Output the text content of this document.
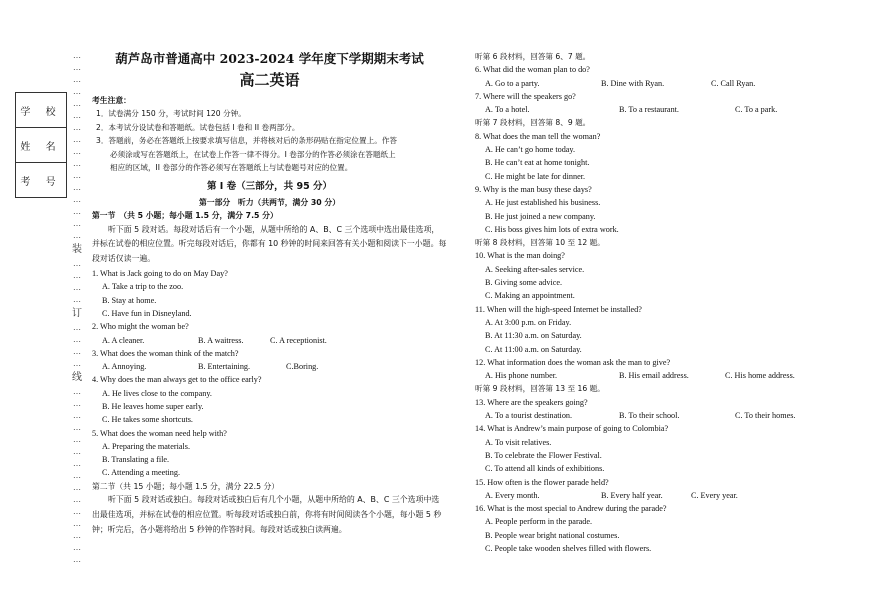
…
…
…
…
…
…
…
…
…
…
…
…
…
…
…
…
装
…
…
…
…
订
…
…
…
…
线
…
…
…
…
…
…
…
…
…
…
…
…
…
…
…
学 校
姓 名
考 号

葫芦岛市普通高中 2023-2024 学年度下学期期末考试

高二英语

考生注意：

1．试卷满分 150 分，考试时间 120 分钟。

2．本考试分设试卷和答题纸。试卷包括 I 卷和 II 卷两部分。

3．答题前，务必在答题纸上按要求填写信息，并将核对后的条形码贴在指定位置上。作答

必须涂或写在答题纸上，在试卷上作答一律不得分。I 卷部分的作答必须涂在答题纸上

相应的区域，II 卷部分的作答必须写在答题纸上与试卷题号对应的位置。

第 I 卷（三部分，共 95 分）
第一部分　听力（共两节，满分 30 分）
第一节　（共 5 小题；每小题 1.5 分，满分 7.5 分）

听下面 5 段对话。每段对话后有一个小题，从题中所给的 A、B、C 三个选项中选出最佳选项，并标在试卷的相应位置。听完每段对话后，你都有 10 秒钟的时间来回答有关小题和阅读下一小题。每段对话仅读一遍。

1. What is Jack going to do on May Day?

A. Take a trip to the zoo.

B. Stay at home.

C. Have fun in Disneyland.

2. Who might the woman be?

A. A cleaner.	B. A waitress.	C. A receptionist.

3. What does the woman think of the match?

A. Annoying.	B. Entertaining.	C.Boring.

4. Why does the man always get to the office early?

A. He lives close to the company.

B. He leaves home super early.

C. He takes some shortcuts.

5. What does the woman need help with?

A. Preparing the materials.

B. Translating a file.

C. Attending a meeting.

第二节（共 15 小题；每小题 1.5 分，满分 22.5 分）

听下面 5 段对话或独白。每段对话或独白后有几个小题，从题中所给的 A、B、C 三个选项中选出最佳选项，并标在试卷的相应位置。听每段对话或独白前，你将有时间阅读各个小题，每小题 5 秒钟；听完后，各小题将给出 5 秒钟的作答时间。每段对话或独白读两遍。

听第 6 段材料，回答第 6、7 题。

6. What did the woman plan to do?

A. Go to a party.	B. Dine with Ryan.	C. Call Ryan.

7. Where will the speakers go?

A. To a hotel.	B. To a restaurant.	C. To a park.

听第 7 段材料，回答第 8、9 题。

8. What does the man tell the woman?

A. He can’t go home today.

B. He can’t eat at home tonight.

C. He might be late for dinner.

9. Why is the man busy these days?

A. He just established his business.

B. He just joined a new company.

C. His boss gives him lots of extra work.

听第 8 段材料，回答第 10 至 12 题。

10. What is the man doing?

A. Seeking after-sales service.

B. Giving some advice.

C. Making an appointment.

11. When will the high-speed Internet be installed?

A. At 3:00 p.m. on Friday.

B. At 11:30 a.m. on Saturday.

C. At 11:00 a.m. on Saturday.

12. What information does the woman ask the man to give?

A. His phone number.	B. His email address.	C. His home address.

听第 9 段材料，回答第 13 至 16 题。

13. Where are the speakers going?

A. To a tourist destination.	B. To their school.	C. To their homes.

14. What is Andrew’s main purpose of going to Colombia?

A. To visit relatives.

B. To celebrate the Flower Festival.

C. To attend all kinds of exhibitions.

15. How often is the flower parade held?

A. Every month.	B. Every half year.	C. Every year.

16. What is the most special to Andrew during the parade?

A. People perform in the parade.

B. People wear bright national costumes.

C. People take wooden shelves filled with flowers.
